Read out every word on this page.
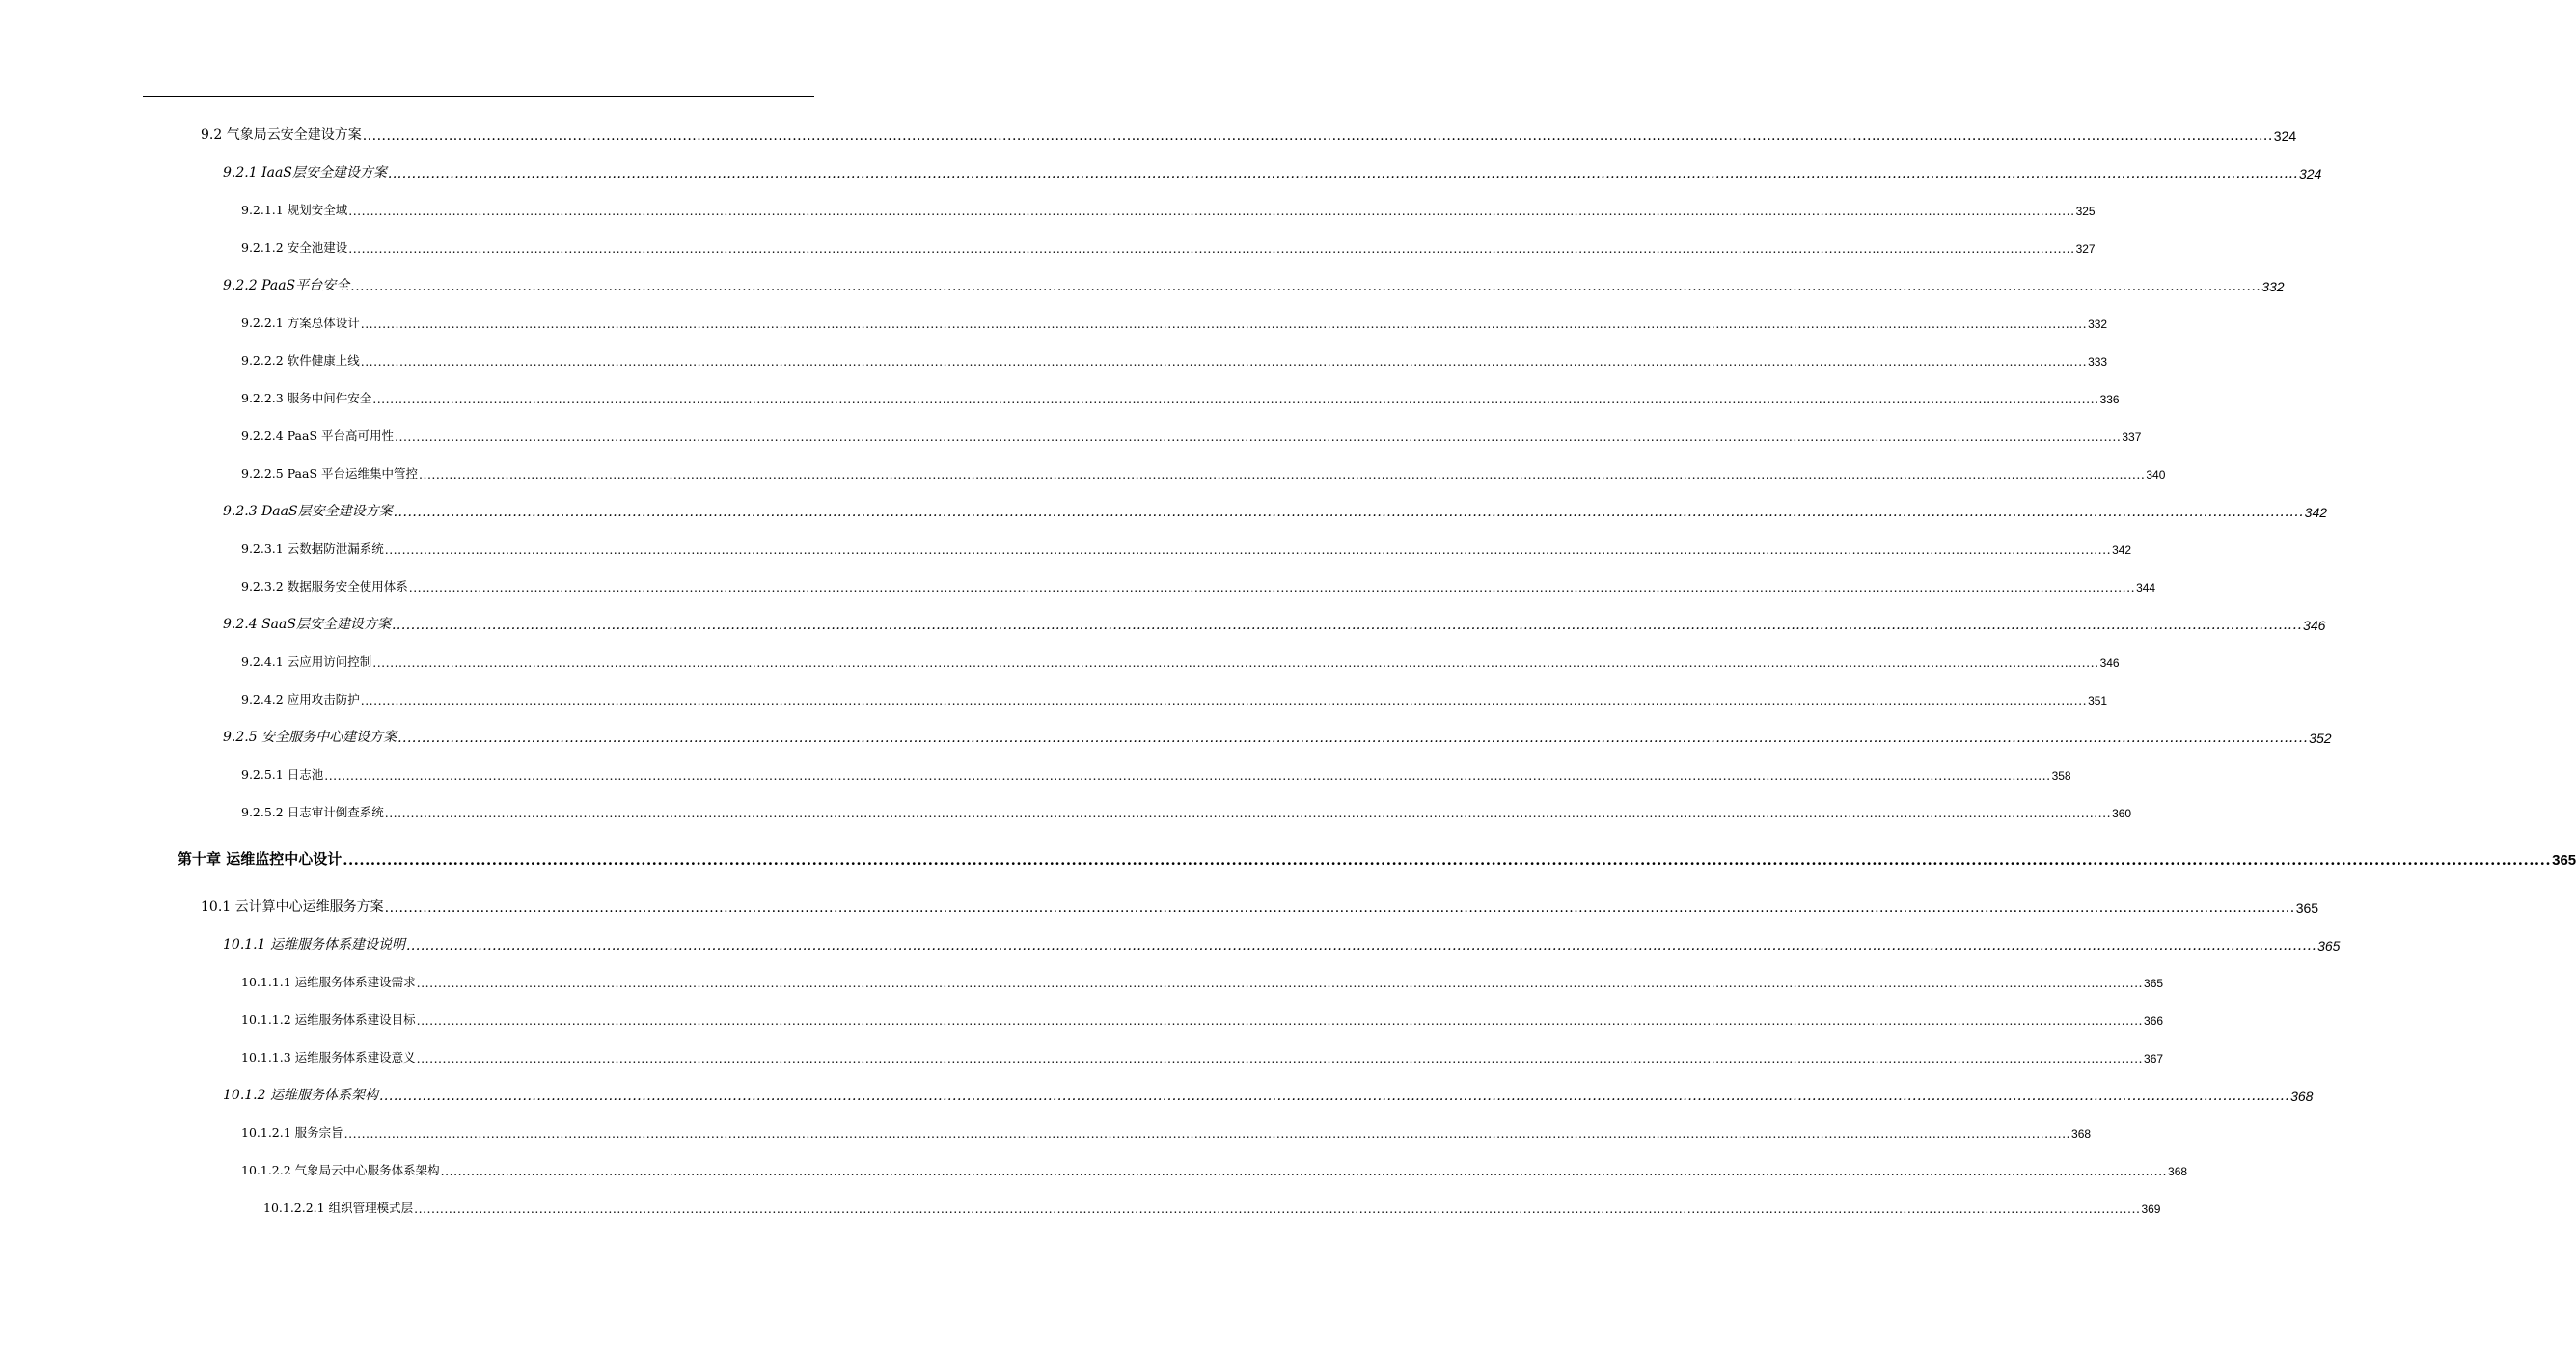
9.2 气象局云安全建设方案 ................................................................................................................................................................................................................................................................................................................................................................................................................ 324
9.2.1 IaaS层安全建设方案 ................................................................................................................................................................................................................................................................................................................................................................................................................ 324
9.2.1.1 规划安全域 ................................................................................................................................................................................................................................................................................................................................................................................................................ 325
9.2.1.2 安全池建设 ................................................................................................................................................................................................................................................................................................................................................................................................................ 327
9.2.2 PaaS平台安全 ................................................................................................................................................................................................................................................................................................................................................................................................................ 332
9.2.2.1 方案总体设计 ................................................................................................................................................................................................................................................................................................................................................................................................................ 332
9.2.2.2 软件健康上线 ................................................................................................................................................................................................................................................................................................................................................................................................................ 333
9.2.2.3 服务中间件安全 ................................................................................................................................................................................................................................................................................................................................................................................................................ 336
9.2.2.4 PaaS 平台高可用性 ................................................................................................................................................................................................................................................................................................................................................................................................................ 337
9.2.2.5 PaaS 平台运维集中管控 ................................................................................................................................................................................................................................................................................................................................................................................................................ 340
9.2.3 DaaS层安全建设方案 ................................................................................................................................................................................................................................................................................................................................................................................................................ 342
9.2.3.1 云数据防泄漏系统 ................................................................................................................................................................................................................................................................................................................................................................................................................ 342
9.2.3.2 数据服务安全使用体系 ................................................................................................................................................................................................................................................................................................................................................................................................................ 344
9.2.4 SaaS层安全建设方案 ................................................................................................................................................................................................................................................................................................................................................................................................................ 346
9.2.4.1 云应用访问控制 ................................................................................................................................................................................................................................................................................................................................................................................................................ 346
9.2.4.2 应用攻击防护 ................................................................................................................................................................................................................................................................................................................................................................................................................ 351
9.2.5 安全服务中心建设方案 ................................................................................................................................................................................................................................................................................................................................................................................................................ 352
9.2.5.1 日志池 ................................................................................................................................................................................................................................................................................................................................................................................................................ 358
9.2.5.2 日志审计倒查系统 ................................................................................................................................................................................................................................................................................................................................................................................................................ 360
第十章 运维监控中心设计 ................................................................................................................................................................................................................................................................................................................................................................................................................ 365
10.1 云计算中心运维服务方案 ................................................................................................................................................................................................................................................................................................................................................................................................................ 365
10.1.1 运维服务体系建设说明 ................................................................................................................................................................................................................................................................................................................................................................................................................ 365
10.1.1.1 运维服务体系建设需求 ................................................................................................................................................................................................................................................................................................................................................................................................................ 365
10.1.1.2 运维服务体系建设目标 ................................................................................................................................................................................................................................................................................................................................................................................................................ 366
10.1.1.3 运维服务体系建设意义 ................................................................................................................................................................................................................................................................................................................................................................................................................ 367
10.1.2 运维服务体系架构 ................................................................................................................................................................................................................................................................................................................................................................................................................ 368
10.1.2.1 服务宗旨 ................................................................................................................................................................................................................................................................................................................................................................................................................ 368
10.1.2.2 气象局云中心服务体系架构 ................................................................................................................................................................................................................................................................................................................................................................................................................ 368
10.1.2.2.1 组织管理模式层 ................................................................................................................................................................................................................................................................................................................................................................................................................ 369
